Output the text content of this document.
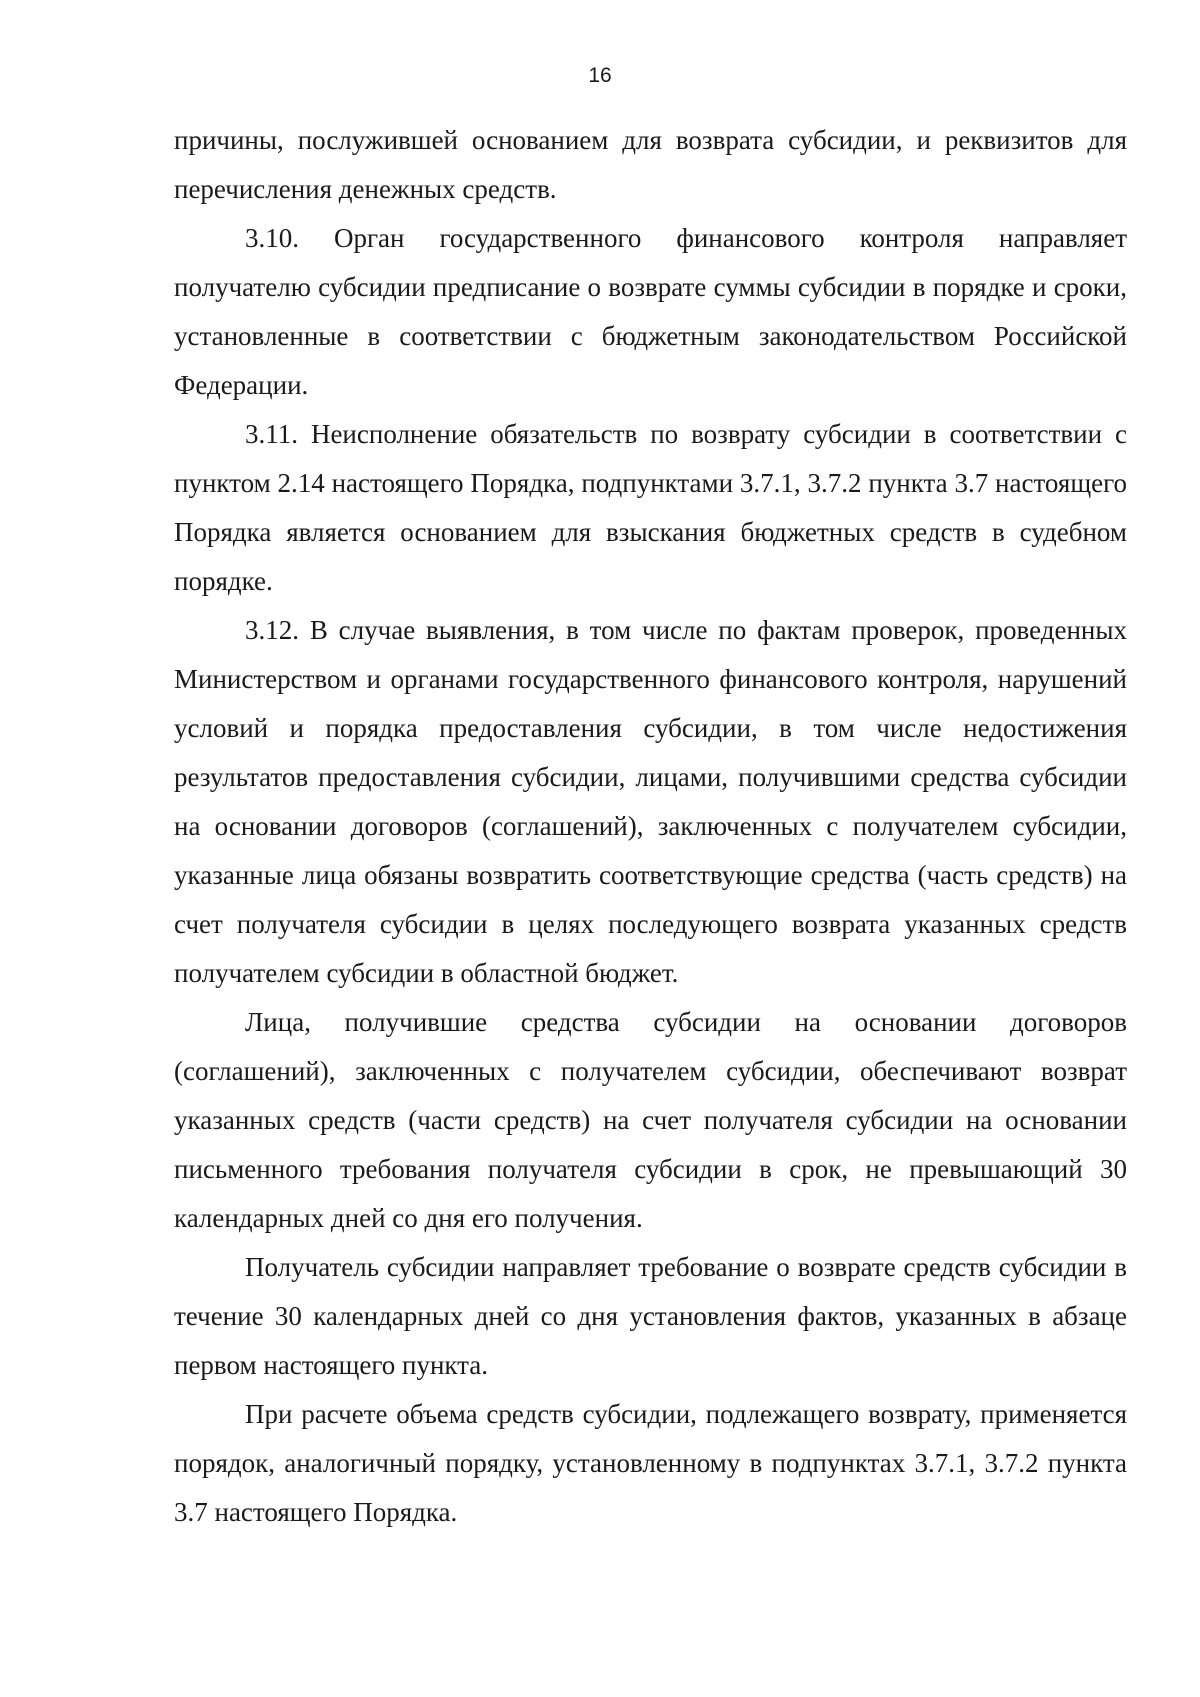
16

причины, послужившей основанием для возврата субсидии, и реквизитов для перечисления денежных средств.

3.10. Орган государственного финансового контроля направляет получателю субсидии предписание о возврате суммы субсидии в порядке и сроки, установленные в соответствии с бюджетным законодательством Российской Федерации.

3.11. Неисполнение обязательств по возврату субсидии в соответствии с пунктом 2.14 настоящего Порядка, подпунктами 3.7.1, 3.7.2 пункта 3.7 настоящего Порядка является основанием для взыскания бюджетных средств в судебном порядке.

3.12. В случае выявления, в том числе по фактам проверок, проведенных Министерством и органами государственного финансового контроля, нарушений условий и порядка предоставления субсидии, в том числе недостижения результатов предоставления субсидии, лицами, получившими средства субсидии на основании договоров (соглашений), заключенных с получателем субсидии, указанные лица обязаны возвратить соответствующие средства (часть средств) на счет получателя субсидии в целях последующего возврата указанных средств получателем субсидии в областной бюджет.

Лица, получившие средства субсидии на основании договоров (соглашений), заключенных с получателем субсидии, обеспечивают возврат указанных средств (части средств) на счет получателя субсидии на основании письменного требования получателя субсидии в срок, не превышающий 30 календарных дней со дня его получения.

Получатель субсидии направляет требование о возврате средств субсидии в течение 30 календарных дней со дня установления фактов, указанных в абзаце первом настоящего пункта.

При расчете объема средств субсидии, подлежащего возврату, применяется порядок, аналогичный порядку, установленному в подпунктах 3.7.1, 3.7.2 пункта 3.7 настоящего Порядка.
